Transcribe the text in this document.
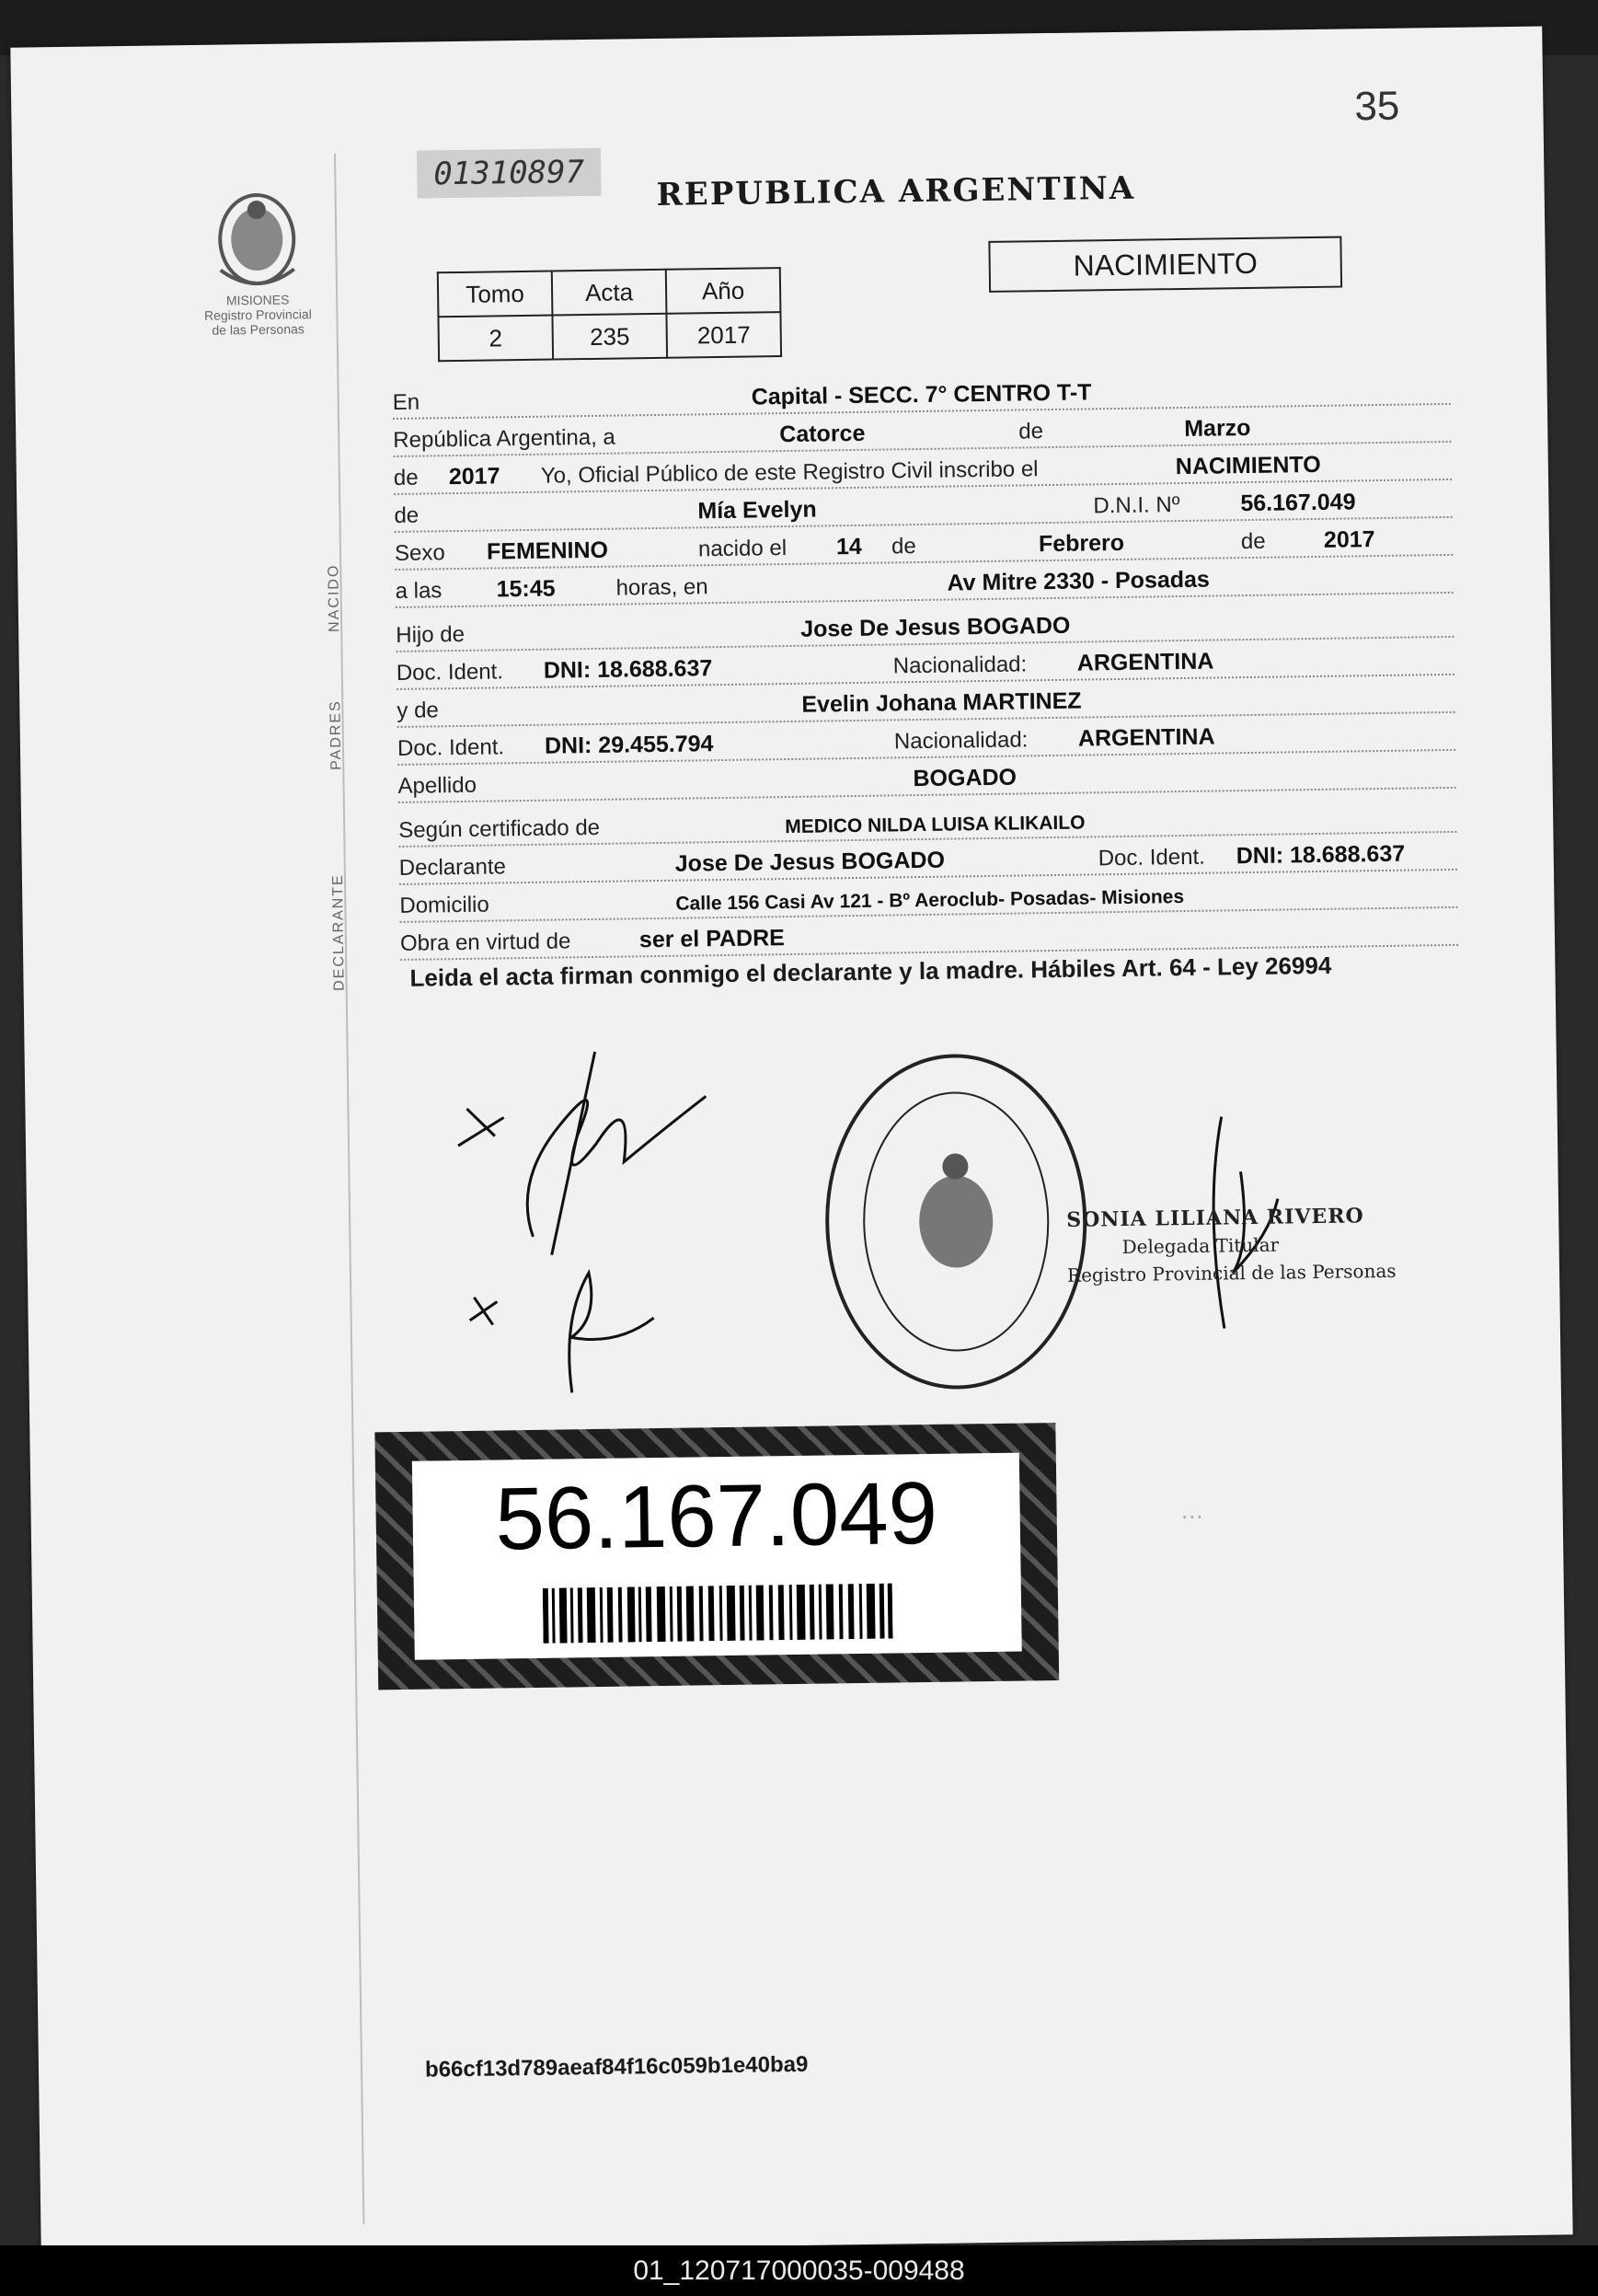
35
01310897
MISIONES
Registro Provincial
de las Personas
REPUBLICA ARGENTINA
Tomo	Acta	Año
2	235	2017
NACIMIENTO
NACIDO
PADRES
DECLARANTE
En	Capital - SECC. 7° CENTRO T-T
República Argentina, a	Catorce	de	Marzo
de 2017 Yo, Oficial Público de este Registro Civil inscribo el	NACIMIENTO
de	Mía Evelyn	D.N.I. Nº	56.167.049
Sexo FEMENINO	nacido el 14 de	Febrero	de	2017
a las 15:45	horas, en	Av Mitre 2330 - Posadas
Hijo de	Jose De Jesus BOGADO
Doc. Ident. DNI: 18.688.637	Nacionalidad: ARGENTINA
y de	Evelin Johana MARTINEZ
Doc. Ident. DNI: 29.455.794	Nacionalidad: ARGENTINA
Apellido	BOGADO
Según certificado de	MEDICO NILDA LUISA KLIKAILO
Declarante	Jose De Jesus BOGADO	Doc. Ident. DNI: 18.688.637
Domicilio	Calle 156 Casi Av 121 - Bº Aeroclub- Posadas- Misiones
Obra en virtud de	ser el PADRE
Leida el acta firman conmigo el declarante y la madre. Hábiles Art. 64 - Ley 26994
SONIA LILIANA RIVERO
Delegada Titular
Registro Provincial de las Personas
⋯
56.167.049
b66cf13d789aeaf84f16c059b1e40ba9
01_120717000035-009488
